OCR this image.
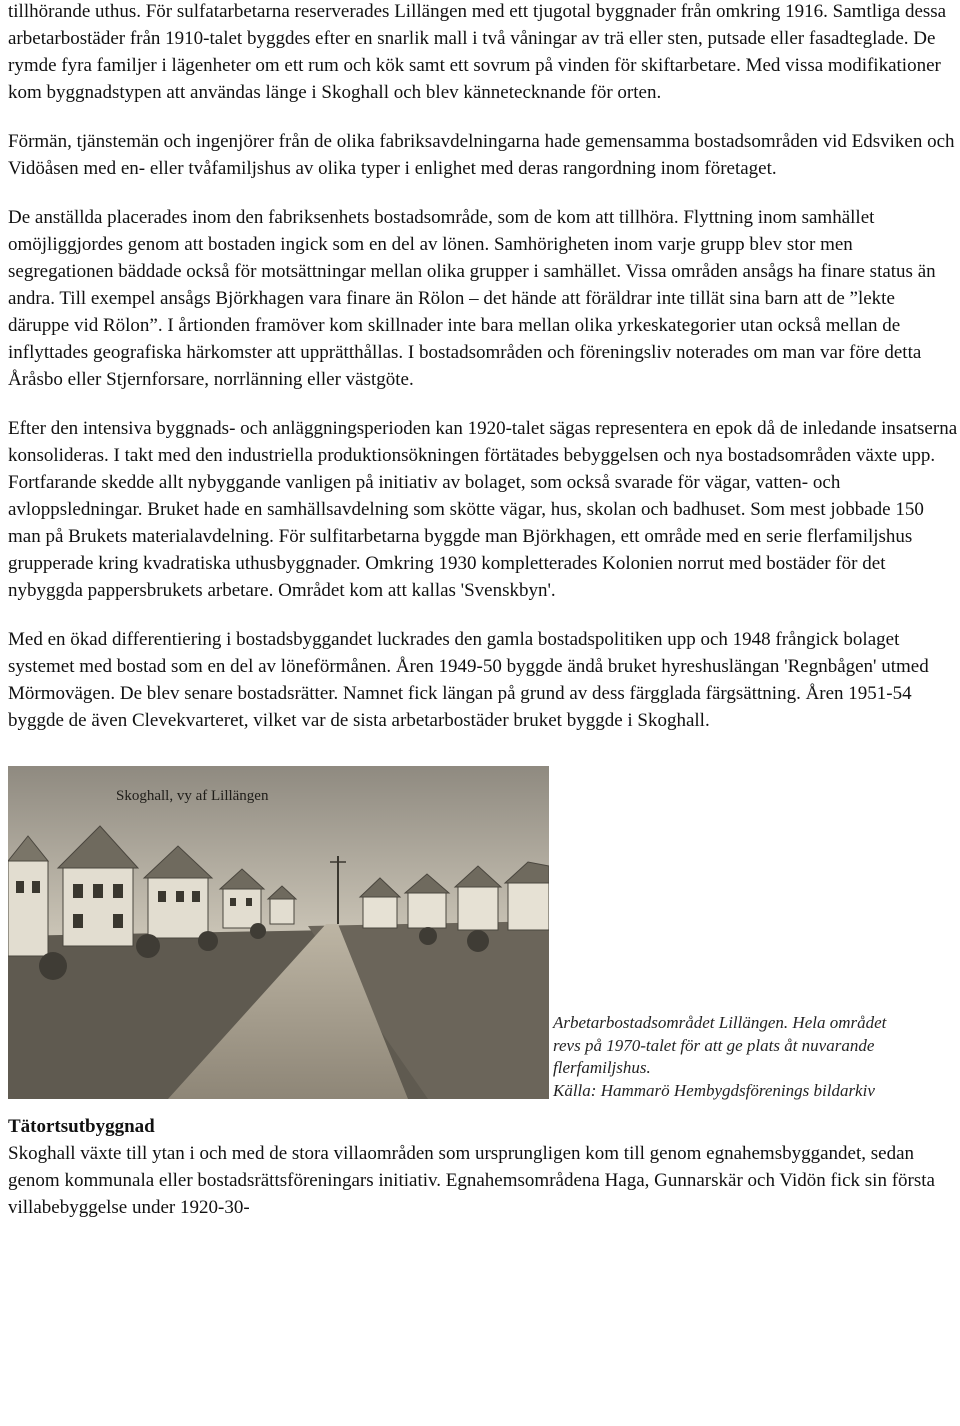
tillhörande uthus. För sulfatarbetarna reserverades Lillängen med ett tjugotal byggnader från omkring 1916. Samtliga dessa arbetarbostäder från 1910-talet byggdes efter en snarlik mall i två våningar av trä eller sten, putsade eller fasadteglade. De rymde fyra familjer i lägenheter om ett rum och kök samt ett sovrum på vinden för skiftarbetare. Med vissa modifikationer kom byggnadstypen att användas länge i Skoghall och blev kännetecknande för orten.

Förmän, tjänstemän och ingenjörer från de olika fabriksavdelningarna hade gemensamma bostadsområden vid Edsviken och Vidöåsen med en- eller tvåfamiljshus av olika typer i enlighet med deras rangordning inom företaget.

De anställda placerades inom den fabriksenhets bostadsområde, som de kom att tillhöra. Flyttning inom samhället omöjliggjordes genom att bostaden ingick som en del av lönen. Samhörigheten inom varje grupp blev stor men segregationen bäddade också för motsättningar mellan olika grupper i samhället. Vissa områden ansågs ha finare status än andra. Till exempel ansågs Björkhagen vara finare än Rölon – det hände att föräldrar inte tillät sina barn att de ”lekte däruppe vid Rölon”. I årtionden framöver kom skillnader inte bara mellan olika yrkeskategorier utan också mellan de inflyttades geografiska härkomster att upprätthållas. I bostadsområden och föreningsliv noterades om man var före detta Åråsbo eller Stjernforsare, norrlänning eller västgöte.

Efter den intensiva byggnads- och anläggningsperioden kan 1920-talet sägas representera en epok då de inledande insatserna konsolideras. I takt med den industriella produktionsökningen förtätades bebyggelsen och nya bostadsområden växte upp. Fortfarande skedde allt nybyggande vanligen på initiativ av bolaget, som också svarade för vägar, vatten- och avloppsledningar. Bruket hade en samhällsavdelning som skötte vägar, hus, skolan och badhuset. Som mest jobbade 150 man på Brukets materialavdelning. För sulfitarbetarna byggde man Björkhagen, ett område med en serie flerfamiljshus grupperade kring kvadratiska uthusbyggnader. Omkring 1930 kompletterades Kolonien norrut med bostäder för det nybyggda pappersbrukets arbetare. Området kom att kallas 'Svenskbyn'.

Med en ökad differentiering i bostadsbyggandet luckrades den gamla bostadspolitiken upp och 1948 frångick bolaget systemet med bostad som en del av löneförmånen. Åren 1949-50 byggde ändå bruket hyreshuslängan 'Regnbågen' utmed Mörmovägen. De blev senare bostadsrätter. Namnet fick längan på grund av dess färgglada färgsättning. Åren 1951-54 byggde de även Clevekvarteret, vilket var de sista arbetarbostäder bruket byggde i Skoghall.

Skoghall, vy af Lillängen
Arbetarbostadsområdet Lillängen. Hela området
revs på 1970-talet för att ge plats åt nuvarande
flerfamiljshus.
Källa: Hammarö Hembygdsförenings bildarkiv
Tätortsutbyggnad

Skoghall växte till ytan i och med de stora villaområden som ursprungligen kom till genom egnahemsbyggandet, sedan genom kommunala eller bostadsrättsföreningars initiativ. Egnahemsområdena Haga, Gunnarskär och Vidön fick sin första villabebyggelse under 1920-30-
